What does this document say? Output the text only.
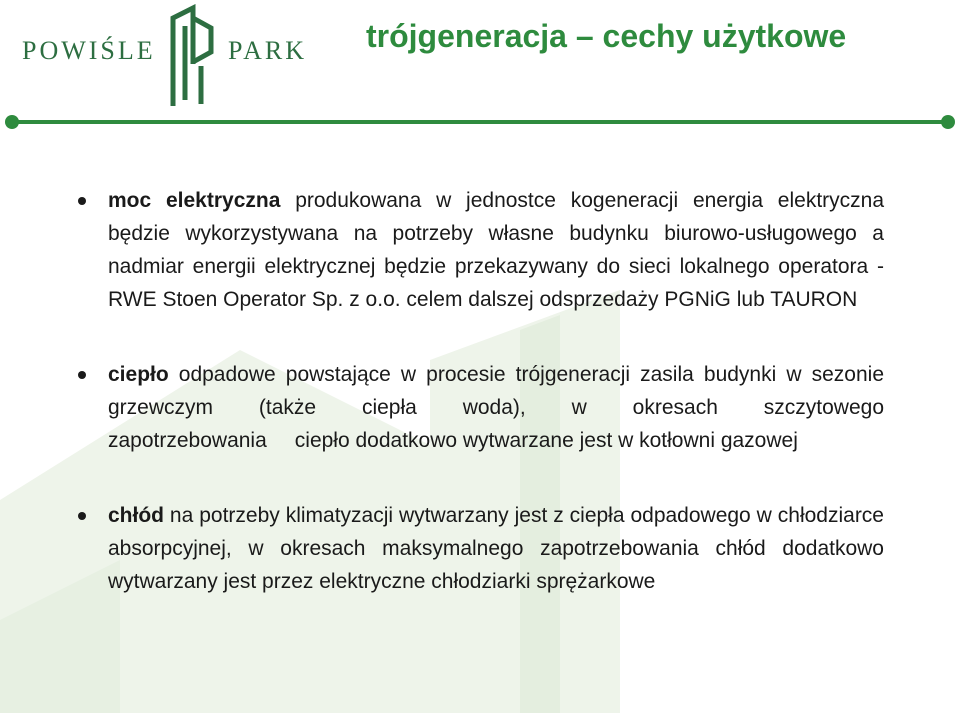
POWIŚLE	PARK trójgeneracja – cechy użytkowe
moc elektryczna produkowana w jednostce kogeneracji energia elektryczna będzie wykorzystywana na potrzeby własne budynku biurowo-usługowego a nadmiar energii elektrycznej będzie przekazywany do sieci lokalnego operatora - RWE Stoen Operator Sp. z o.o. celem dalszej odsprzedaży PGNiG lub TAURON
ciepło odpadowe powstające w procesie trójgeneracji zasila budynki w sezonie grzewczym (także ciepła woda), w okresach szczytowego zapotrzebowania ciepło dodatkowo wytwarzane jest w kotłowni gazowej
chłód na potrzeby klimatyzacji wytwarzany jest z ciepła odpadowego w chłodziarce absorpcyjnej, w okresach maksymalnego zapotrzebowania chłód dodatkowo wytwarzany jest przez elektryczne chłodziarki sprężarkowe
